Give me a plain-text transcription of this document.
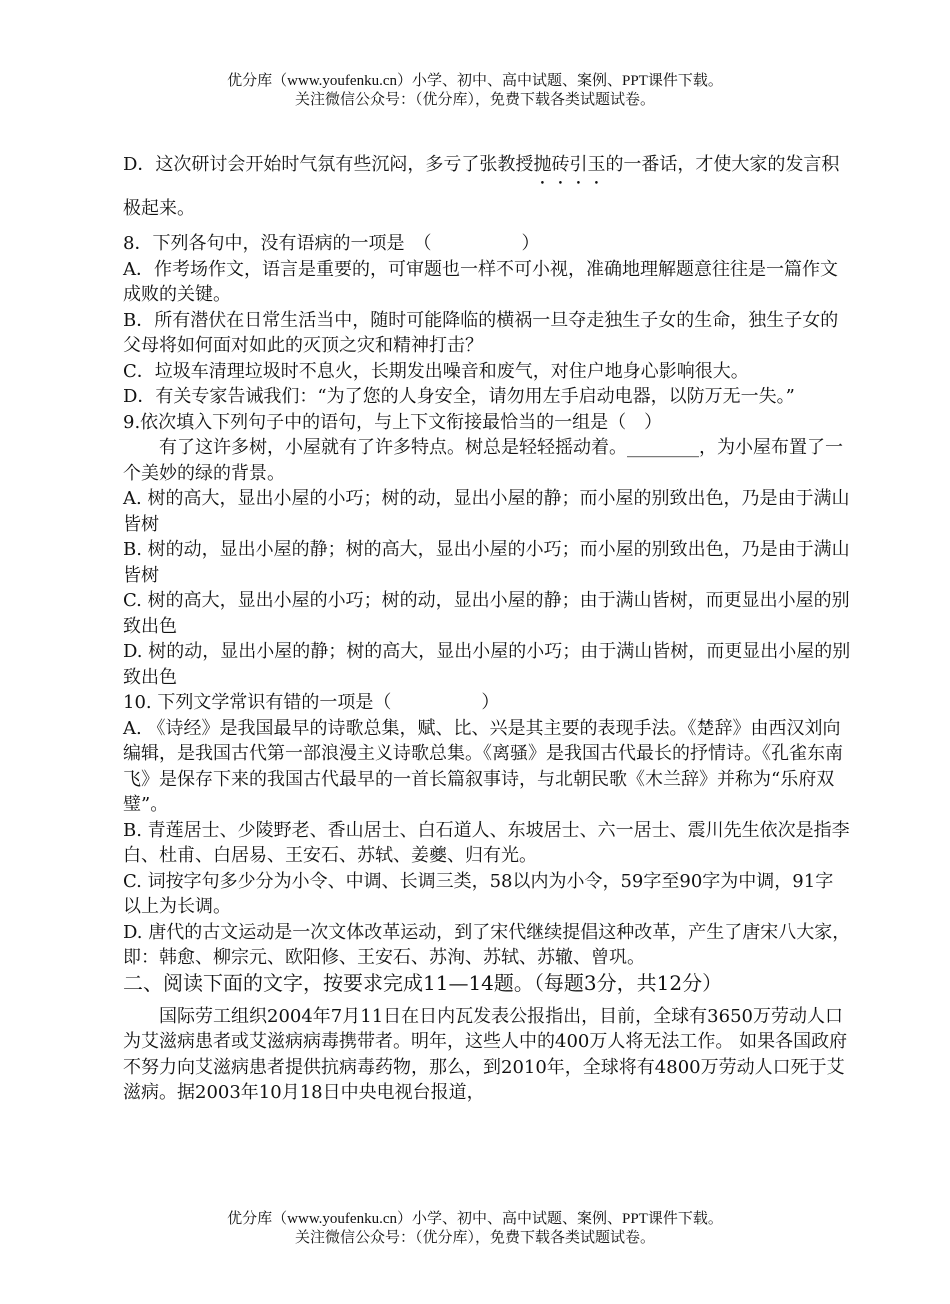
优分库（www.youfenku.cn）小学、初中、高中试题、案例、PPT课件下载。
关注微信公众号：（优分库），免费下载各类试题试卷。

D．这次研讨会开始时气氛有些沉闷，多亏了张教授抛砖引玉的一番话，才使大家的发言积极起来。

8．下列各句中，没有语病的一项是　（　　　　　）

A．作考场作文，语言是重要的，可审题也一样不可小视，准确地理解题意往往是一篇作文成败的关键。

B．所有潜伏在日常生活当中，随时可能降临的横祸一旦夺走独生子女的生命，独生子女的父母将如何面对如此的灭顶之灾和精神打击？

C．垃圾车清理垃圾时不息火，长期发出噪音和废气，对住户地身心影响很大。

D．有关专家告诫我们：“为了您的人身安全，请勿用左手启动电器，以防万无一失。”

9.依次填入下列句子中的语句，与上下文衔接最恰当的一组是（　）

有了这许多树，小屋就有了许多特点。树总是轻轻摇动着。________，为小屋布置了一个美妙的绿的背景。

A. 树的高大，显出小屋的小巧；树的动，显出小屋的静；而小屋的别致出色，乃是由于满山皆树

B. 树的动，显出小屋的静；树的高大，显出小屋的小巧；而小屋的别致出色，乃是由于满山皆树

C. 树的高大，显出小屋的小巧；树的动，显出小屋的静；由于满山皆树，而更显出小屋的别致出色

D. 树的动，显出小屋的静；树的高大，显出小屋的小巧；由于满山皆树，而更显出小屋的别致出色

10. 下列文学常识有错的一项是（　　　　　）

A. 《诗经》是我国最早的诗歌总集，赋、比、兴是其主要的表现手法。《楚辞》由西汉刘向编辑，是我国古代第一部浪漫主义诗歌总集。《离骚》是我国古代最长的抒情诗。《孔雀东南飞》是保存下来的我国古代最早的一首长篇叙事诗，与北朝民歌《木兰辞》并称为“乐府双璧”。

B. 青莲居士、少陵野老、香山居士、白石道人、东坡居士、六一居士、震川先生依次是指李白、杜甫、白居易、王安石、苏轼、姜夔、归有光。

C. 词按字句多少分为小令、中调、长调三类，58以内为小令，59字至90字为中调，91字以上为长调。

D. 唐代的古文运动是一次文体改革运动，到了宋代继续提倡这种改革，产生了唐宋八大家，即：韩愈、柳宗元、欧阳修、王安石、苏洵、苏轼、苏辙、曾巩。

二、阅读下面的文字，按要求完成11—14题。（每题3分，共12分）

国际劳工组织2004年7月11日在日内瓦发表公报指出，目前，全球有3650万劳动人口为艾滋病患者或艾滋病病毒携带者。明年，这些人中的400万人将无法工作。 如果各国政府不努力向艾滋病患者提供抗病毒药物，那么，到2010年，全球将有4800万劳动人口死于艾滋病。据2003年10月18日中央电视台报道，

优分库（www.youfenku.cn）小学、初中、高中试题、案例、PPT课件下载。
关注微信公众号：（优分库），免费下载各类试题试卷。
